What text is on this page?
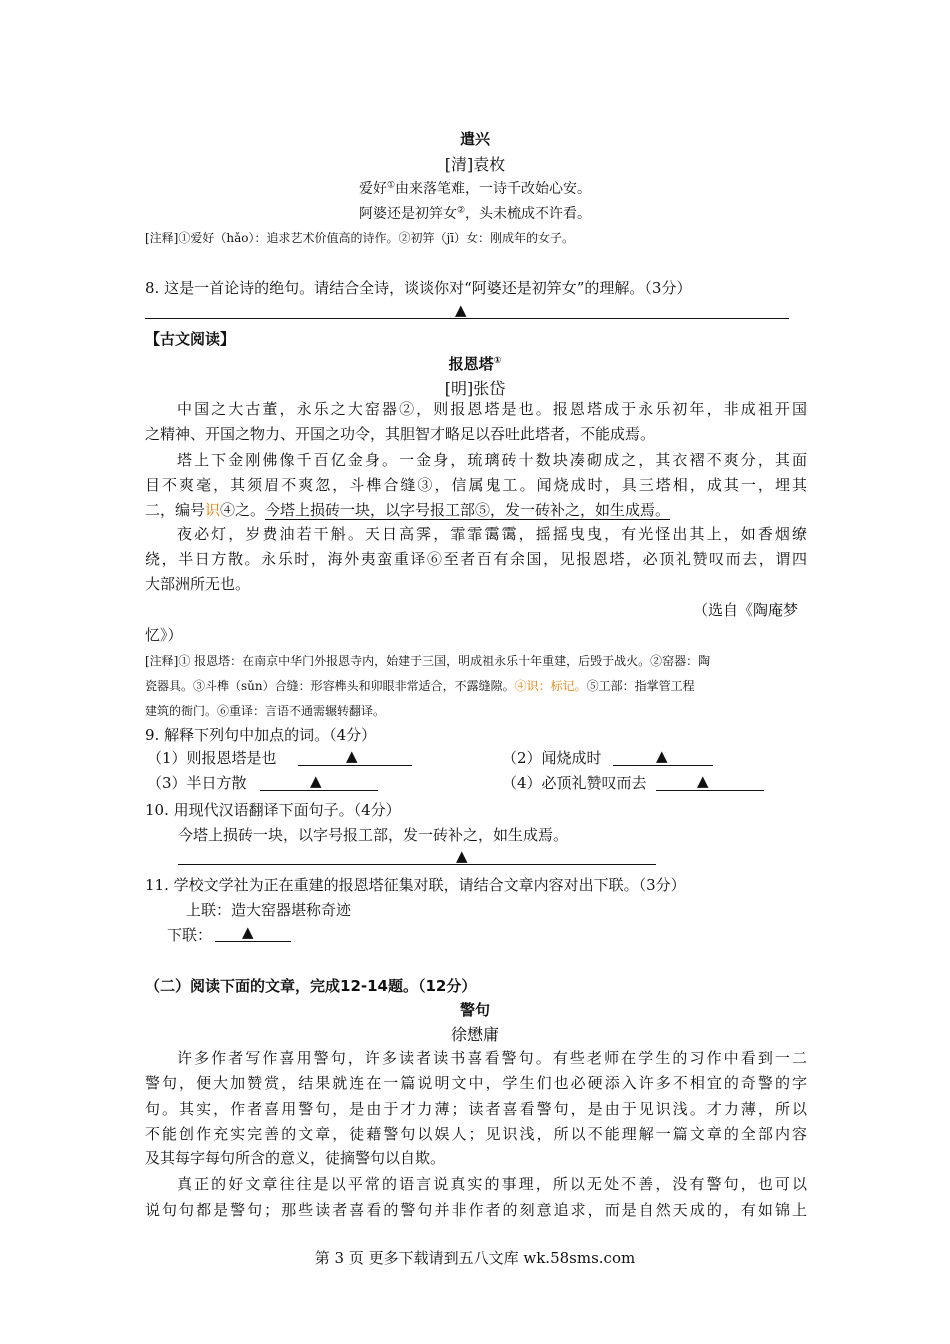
遣兴
[清]袁枚
爱好①由来落笔难，一诗千改始心安。
阿婆还是初笄女②，头未梳成不许看。
[注释]①爱好（hǎo）：追求艺术价值高的诗作。②初笄（jī）女：刚成年的女子。
8. 这是一首论诗的绝句。请结合全诗，谈谈你对“阿婆还是初笄女”的理解。（3分）
▲
【古文阅读】
报恩塔①
[明]张岱
中国之大古董，永乐之大窑器②，则报恩塔是也。报恩塔成于永乐初年，非成祖开国
之精神、开国之物力、开国之功令，其胆智才略足以吞吐此塔者，不能成焉。
塔上下金刚佛像千百亿金身。一金身，琉璃砖十数块凑砌成之，其衣褶不爽分，其面
目不爽毫，其须眉不爽忽，斗榫合缝③，信属鬼工。闻烧成时，具三塔相，成其一，埋其
二，编号识④之。今塔上损砖一块，以字号报工部⑤，发一砖补之，如生成焉。
夜必灯，岁费油若干斛。天日高霁，霏霏霭霭，摇摇曳曳，有光怪出其上，如香烟缭
绕，半日方散。永乐时，海外夷蛮重译⑥至者百有余国，见报恩塔，必顶礼赞叹而去，谓四
大部洲所无也。
（选自《陶庵梦
忆》）
[注释]① 报恩塔：在南京中华门外报恩寺内，始建于三国，明成祖永乐十年重建，后毁于战火。②窑器：陶
瓷器具。③斗榫（sǔn）合缝：形容榫头和卯眼非常适合，不露缝隙。④识：标记。⑤工部：指掌管工程
建筑的衙门。⑥重译：言语不通需辗转翻译。
9. 解释下列句中加点的词。（4分）
（1）则报恩塔是也	▲	（2）闻烧成时	▲
（3）半日方散	▲	（4）必顶礼赞叹而去	▲
10. 用现代汉语翻译下面句子。（4分）
今塔上损砖一块，以字号报工部，发一砖补之，如生成焉。
▲
11. 学校文学社为正在重建的报恩塔征集对联，请结合文章内容对出下联。（3分）
上联：造大窑器堪称奇迹
下联： ▲
（二）阅读下面的文章，完成12-14题。（12分）
警句
徐懋庸
许多作者写作喜用警句，许多读者读书喜看警句。有些老师在学生的习作中看到一二
警句，便大加赞赏，结果就连在一篇说明文中，学生们也必硬添入许多不相宜的奇警的字
句。其实，作者喜用警句，是由于才力薄；读者喜看警句，是由于见识浅。才力薄，所以
不能创作充实完善的文章，徒藉警句以娱人；见识浅，所以不能理解一篇文章的全部内容
及其每字每句所含的意义，徒摘警句以自欺。
真正的好文章往往是以平常的语言说真实的事理，所以无处不善，没有警句，也可以
说句句都是警句；那些读者喜看的警句并非作者的刻意追求，而是自然天成的，有如锦上
第 3 页 更多下载请到五八文库 wk.58sms.com
